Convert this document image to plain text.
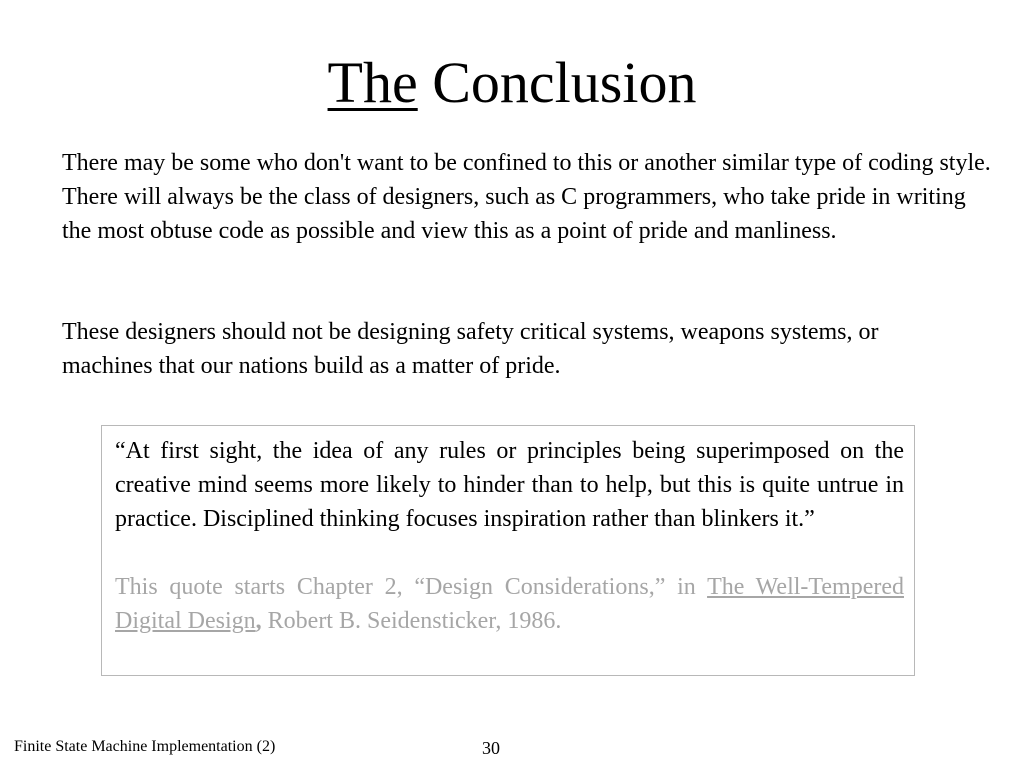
The Conclusion

There may be some who don't want to be confined to this or another similar type of coding style. There will always be the class of designers, such as C programmers, who take pride in writing the most obtuse code as possible and view this as a point of pride and manliness.

These designers should not be designing safety critical systems, weapons systems, or machines that our nations build as a matter of pride.

“At first sight, the idea of any rules or principles being superimposed on the creative mind seems more likely to hinder than to help, but this is quite untrue in practice. Disciplined thinking focuses inspiration rather than blinkers it.”

This quote starts Chapter 2, “Design Considerations,” in The Well-Tempered Digital Design, Robert B. Seidensticker, 1986.

Finite State Machine Implementation (2)	30
